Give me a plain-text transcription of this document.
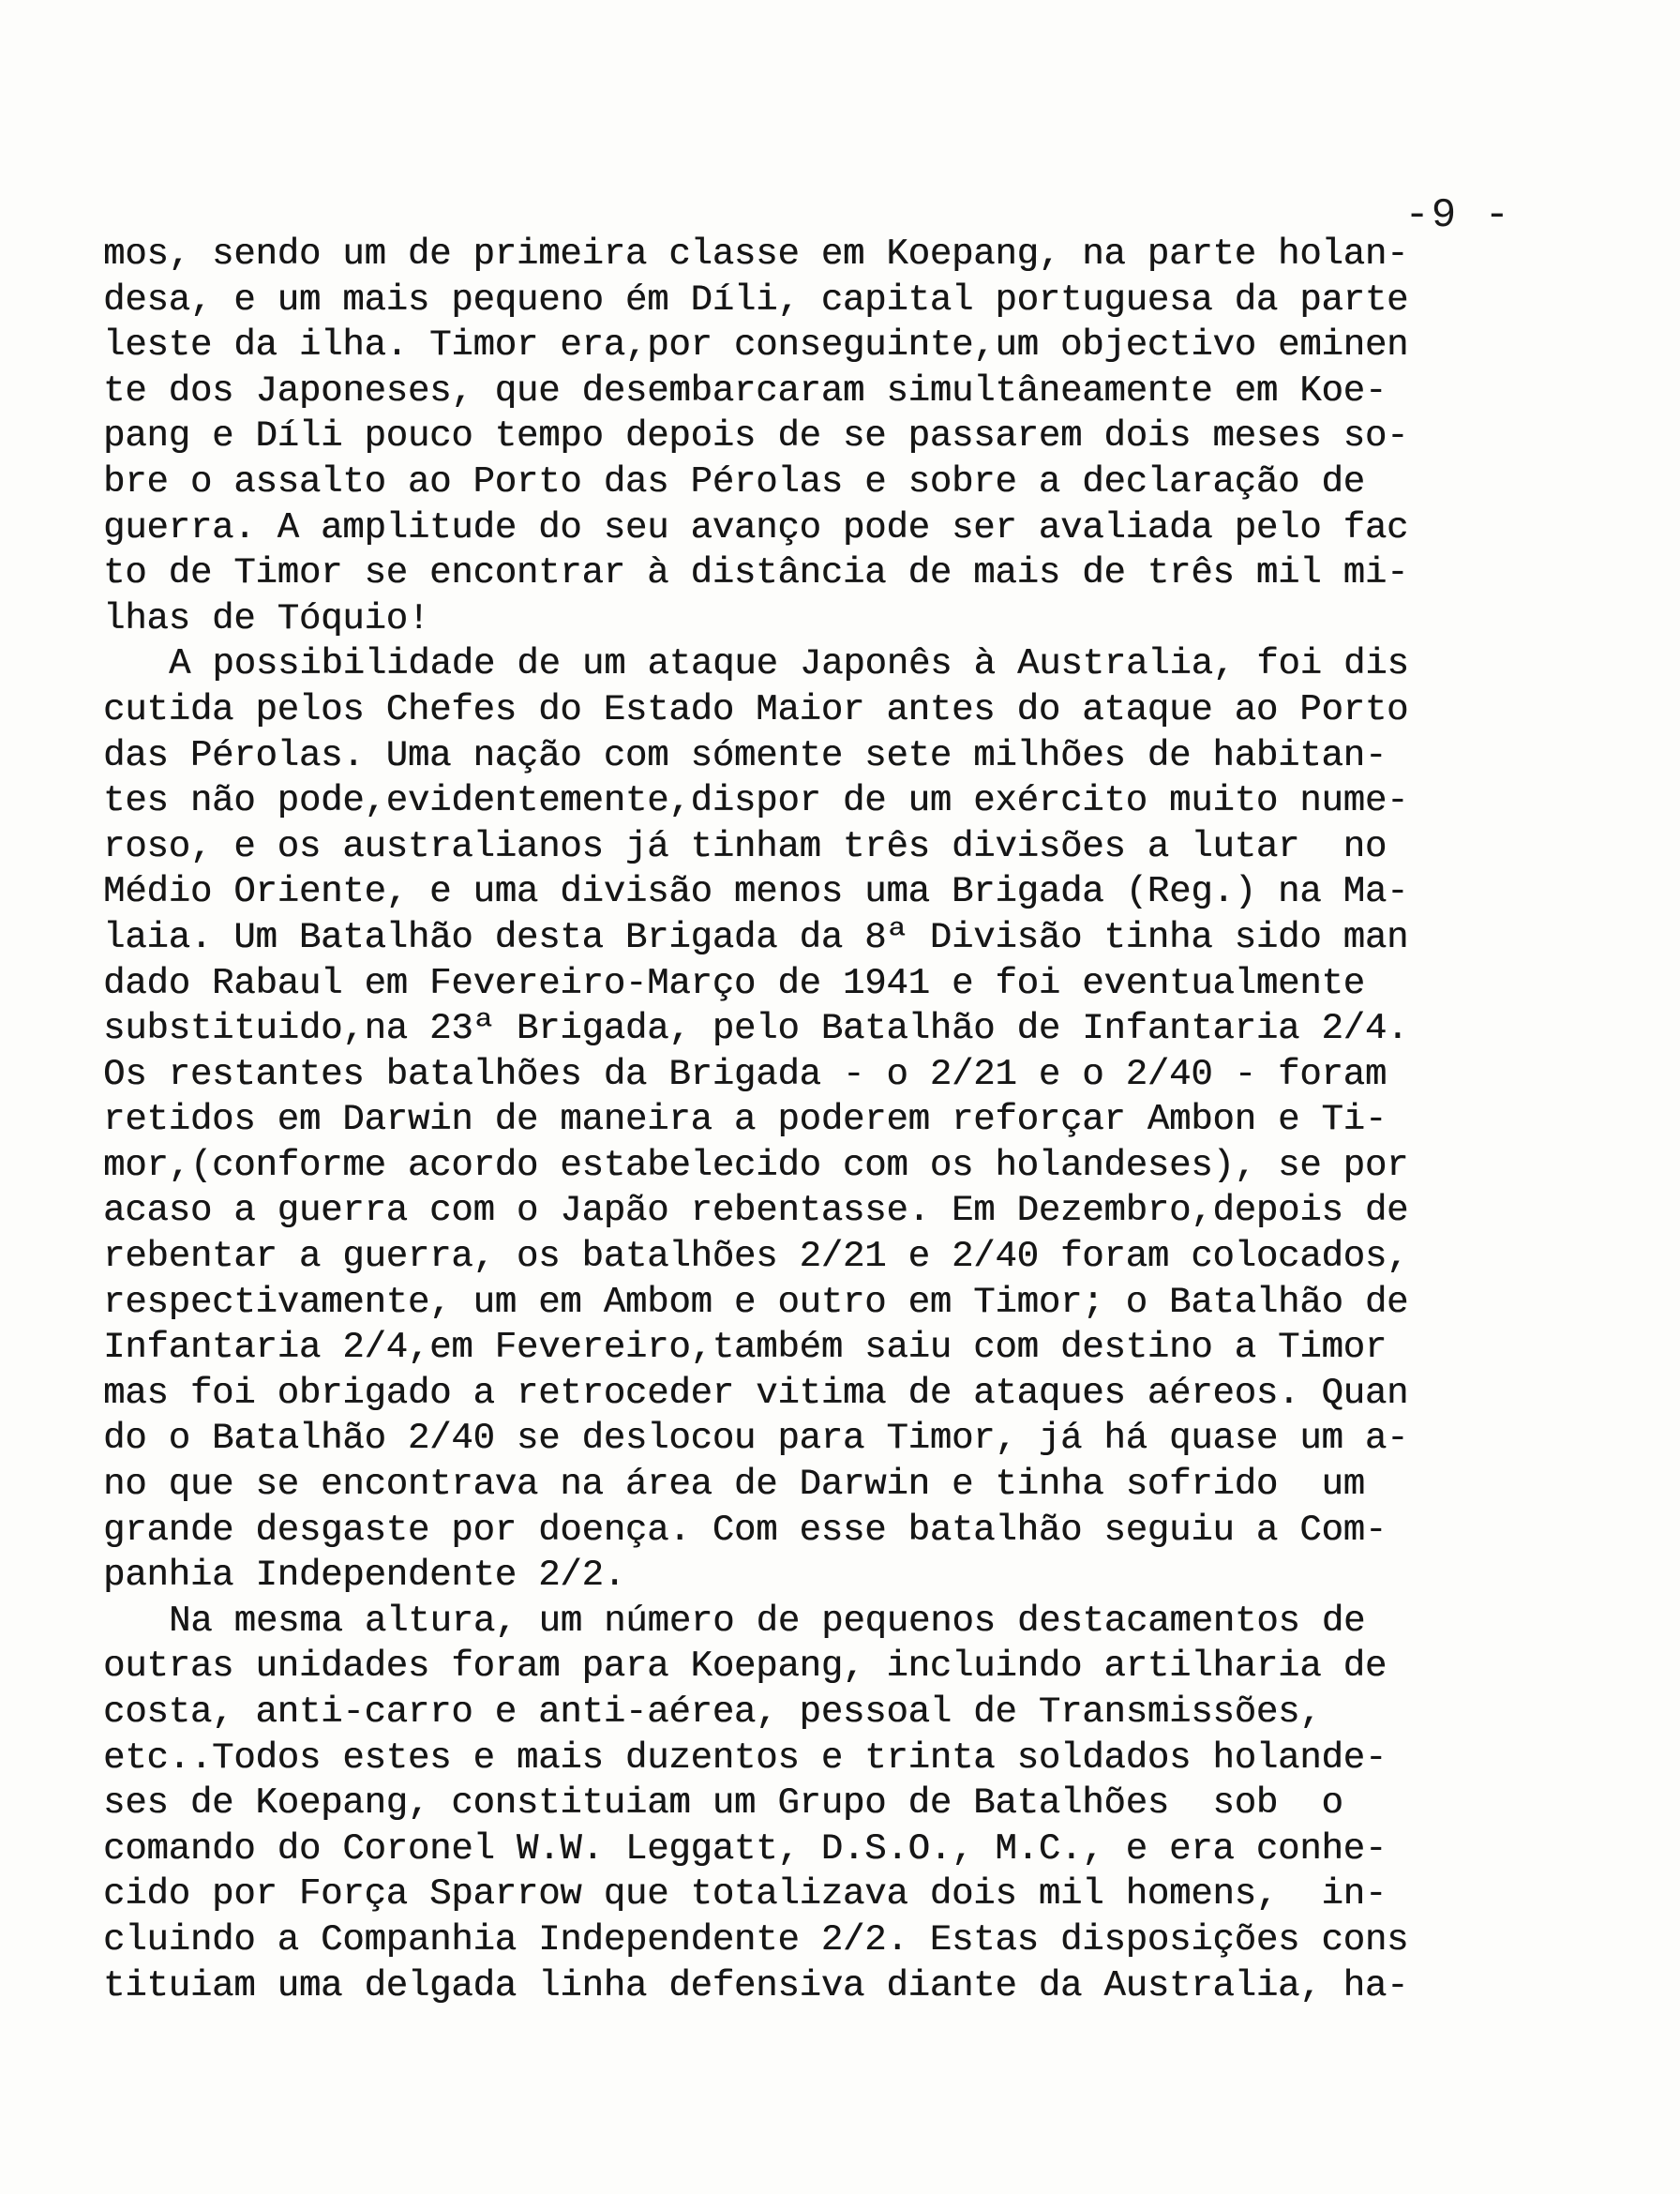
-9 -
mos, sendo um de primeira classe em Koepang, na parte holan-
desa, e um mais pequeno ém Díli, capital portuguesa da parte
leste da ilha. Timor era,por conseguinte,um objectivo eminen
te dos Japoneses, que desembarcaram simultâneamente em Koe-
pang e Díli pouco tempo depois de se passarem dois meses so-
bre o assalto ao Porto das Pérolas e sobre a declaração de
guerra. A amplitude do seu avanço pode ser avaliada pelo fac
to de Timor se encontrar à distância de mais de três mil mi-
lhas de Tóquio!
A possibilidade de um ataque Japonês à Australia, foi dis
cutida pelos Chefes do Estado Maior antes do ataque ao Porto
das Pérolas. Uma nação com sómente sete milhões de habitan-
tes não pode,evidentemente,dispor de um exército muito nume-
roso, e os australianos já tinham três divisões a lutar  no
Médio Oriente, e uma divisão menos uma Brigada (Reg.) na Ma-
laia. Um Batalhão desta Brigada da 8ª Divisão tinha sido man
dado Rabaul em Fevereiro-Março de 1941 e foi eventualmente
substituido,na 23ª Brigada, pelo Batalhão de Infantaria 2/4.
Os restantes batalhões da Brigada - o 2/21 e o 2/40 - foram
retidos em Darwin de maneira a poderem reforçar Ambon e Ti-
mor,(conforme acordo estabelecido com os holandeses), se por
acaso a guerra com o Japão rebentasse. Em Dezembro,depois de
rebentar a guerra, os batalhões 2/21 e 2/40 foram colocados,
respectivamente, um em Ambom e outro em Timor; o Batalhão de
Infantaria 2/4,em Fevereiro,também saiu com destino a Timor
mas foi obrigado a retroceder vitima de ataques aéreos. Quan
do o Batalhão 2/40 se deslocou para Timor, já há quase um a-
no que se encontrava na área de Darwin e tinha sofrido  um
grande desgaste por doença. Com esse batalhão seguiu a Com-
panhia Independente 2/2.
Na mesma altura, um número de pequenos destacamentos de
outras unidades foram para Koepang, incluindo artilharia de
costa, anti-carro e anti-aérea, pessoal de Transmissões,
etc..Todos estes e mais duzentos e trinta soldados holande-
ses de Koepang, constituiam um Grupo de Batalhões  sob  o
comando do Coronel W.W. Leggatt, D.S.O., M.C., e era conhe-
cido por Força Sparrow que totalizava dois mil homens,  in-
cluindo a Companhia Independente 2/2. Estas disposições cons
tituiam uma delgada linha defensiva diante da Australia, ha-
